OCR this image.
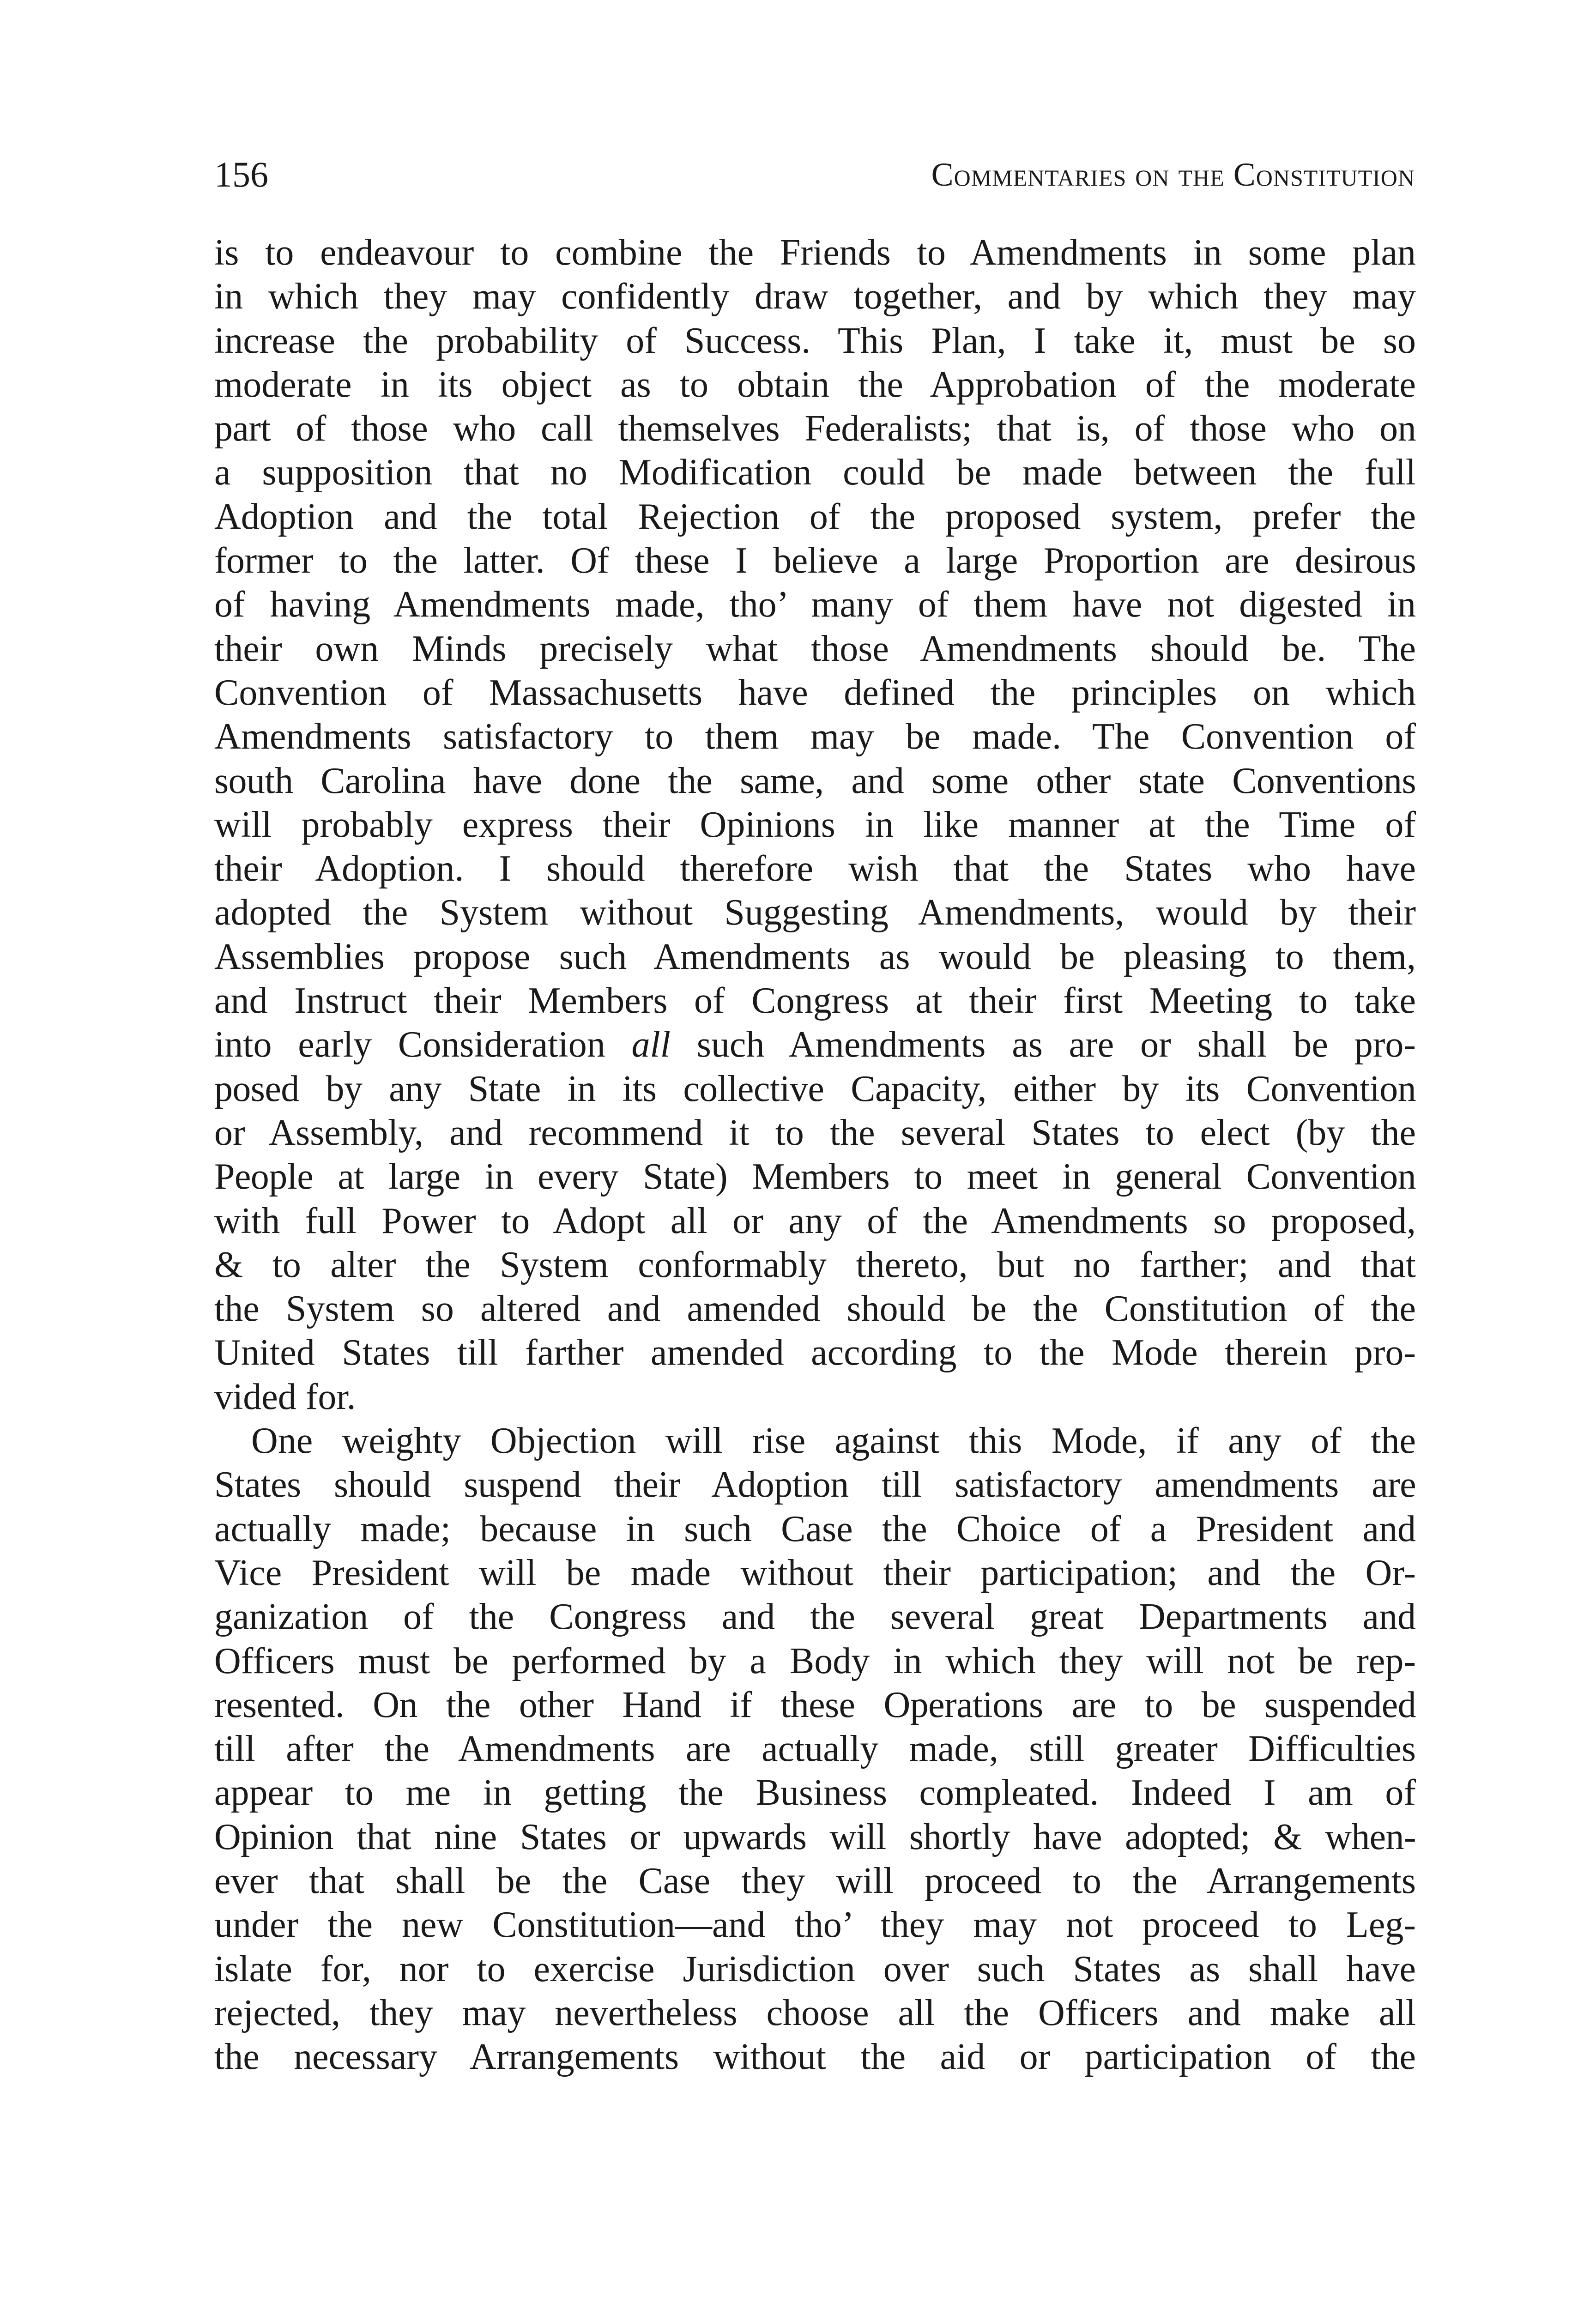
156	Commentaries on the Constitution
is to endeavour to combine the Friends to Amendments in some plan
in which they may confidently draw together, and by which they may
increase the probability of Success. This Plan, I take it, must be so
moderate in its object as to obtain the Approbation of the moderate
part of those who call themselves Federalists; that is, of those who on
a supposition that no Modification could be made between the full
Adoption and the total Rejection of the proposed system, prefer the
former to the latter. Of these I believe a large Proportion are desirous
of having Amendments made, tho’ many of them have not digested in
their own Minds precisely what those Amendments should be. The
Convention of Massachusetts have defined the principles on which
Amendments satisfactory to them may be made. The Convention of
south Carolina have done the same, and some other state Conventions
will probably express their Opinions in like manner at the Time of
their Adoption. I should therefore wish that the States who have
adopted the System without Suggesting Amendments, would by their
Assemblies propose such Amendments as would be pleasing to them,
and Instruct their Members of Congress at their first Meeting to take
into early Consideration all such Amendments as are or shall be pro-
posed by any State in its collective Capacity, either by its Convention
or Assembly, and recommend it to the several States to elect (by the
People at large in every State) Members to meet in general Convention
with full Power to Adopt all or any of the Amendments so proposed,
& to alter the System conformably thereto, but no farther; and that
the System so altered and amended should be the Constitution of the
United States till farther amended according to the Mode therein pro-
vided for.
One weighty Objection will rise against this Mode, if any of the
States should suspend their Adoption till satisfactory amendments are
actually made; because in such Case the Choice of a President and
Vice President will be made without their participation; and the Or-
ganization of the Congress and the several great Departments and
Officers must be performed by a Body in which they will not be rep-
resented. On the other Hand if these Operations are to be suspended
till after the Amendments are actually made, still greater Difficulties
appear to me in getting the Business compleated. Indeed I am of
Opinion that nine States or upwards will shortly have adopted; & when-
ever that shall be the Case they will proceed to the Arrangements
under the new Constitution—and tho’ they may not proceed to Leg-
islate for, nor to exercise Jurisdiction over such States as shall have
rejected, they may nevertheless choose all the Officers and make all
the necessary Arrangements without the aid or participation of the
